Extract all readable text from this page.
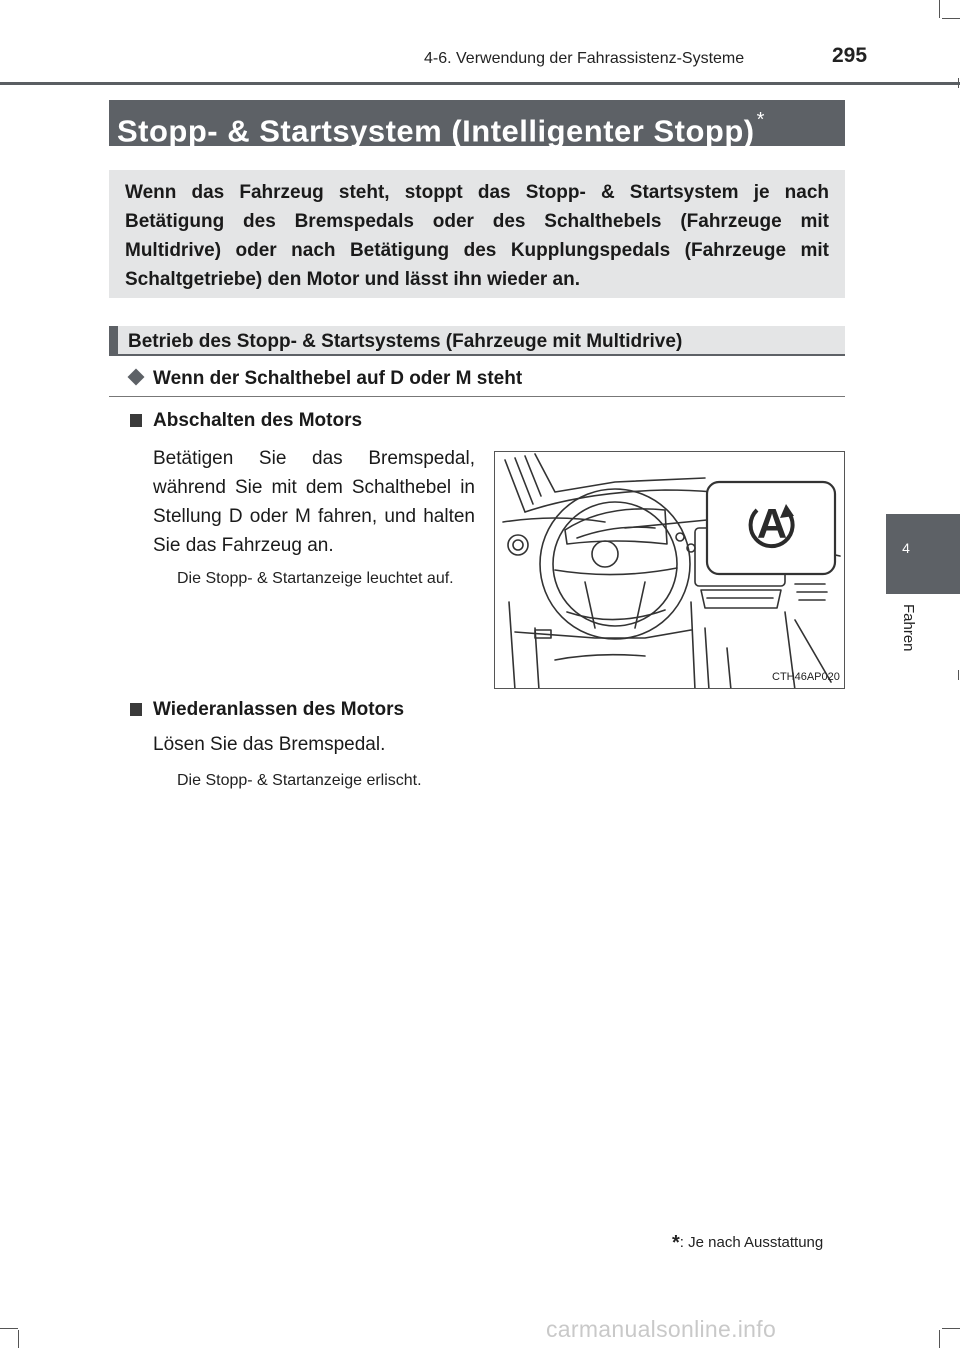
4-6. Verwendung der Fahrassistenz-Systeme	295
4
Fahren
Stopp- & Startsystem (Intelligenter Stopp) *

Wenn das Fahrzeug steht, stoppt das Stopp- & Startsystem je nach Betätigung des Bremspedals oder des Schalthebels (Fahrzeuge mit Multidrive) oder nach Betätigung des Kupplungspedals (Fahrzeuge mit Schaltgetriebe) den Motor und lässt ihn wieder an.

Betrieb des Stopp- & Startsystems (Fahrzeuge mit Multidrive)
Wenn der Schalthebel auf D oder M steht
Abschalten des Motors

Betätigen Sie das Bremspedal, während Sie mit dem Schalthebel in Stellung D oder M fahren, und halten Sie das Fahrzeug an.

Die Stopp- & Startanzeige leuchtet auf.

A
CTH46AP020
Wiederanlassen des Motors

Lösen Sie das Bremspedal.

Die Stopp- & Startanzeige erlischt.

*: Je nach Ausstattung
carmanualsonline.info
